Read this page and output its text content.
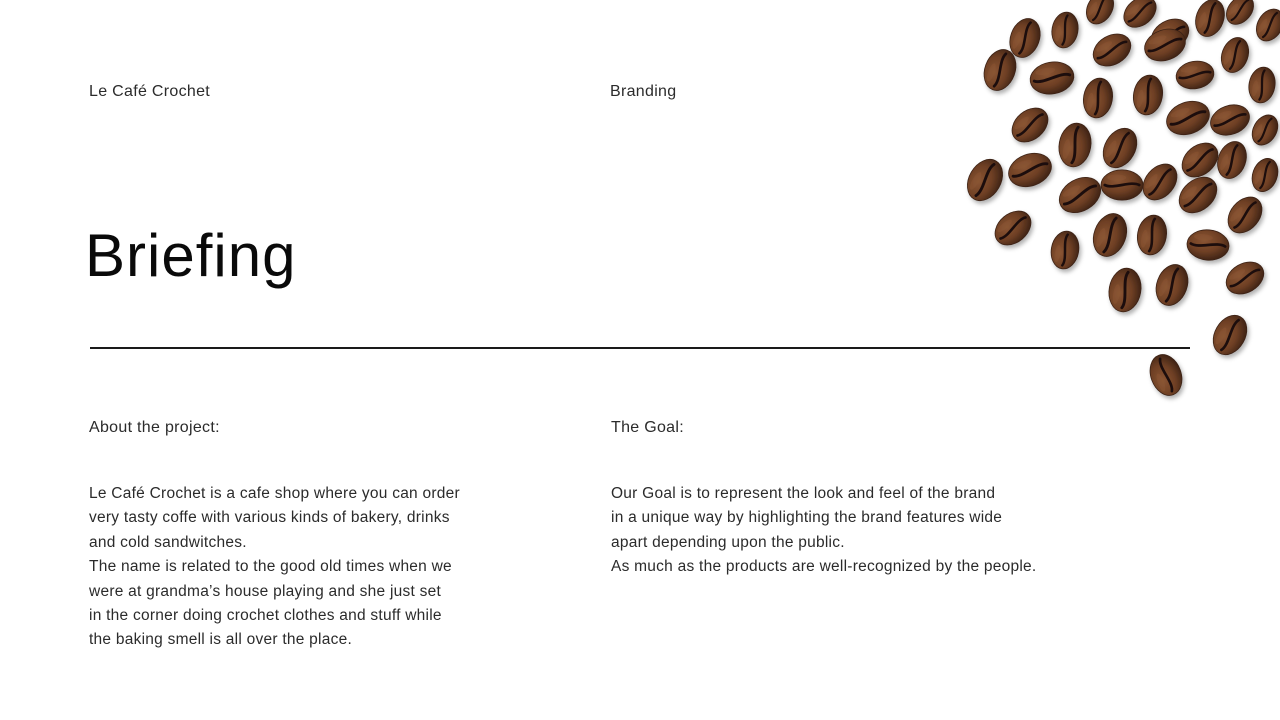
Le Café Crochet	Branding
Briefing
About the project:

Le Café Crochet is a cafe shop where you can order
very tasty coffe with various kinds of bakery, drinks
and cold sandwitches.
The name is related to the good old times when we
were at grandma’s house playing and she just set
in the corner doing crochet clothes and stuff while
the baking smell is all over the place.

The Goal:

Our Goal is to represent the look and feel of the brand
in a unique way by highlighting the brand features wide
apart depending upon the public.
As much as the products are well-recognized by the people.
